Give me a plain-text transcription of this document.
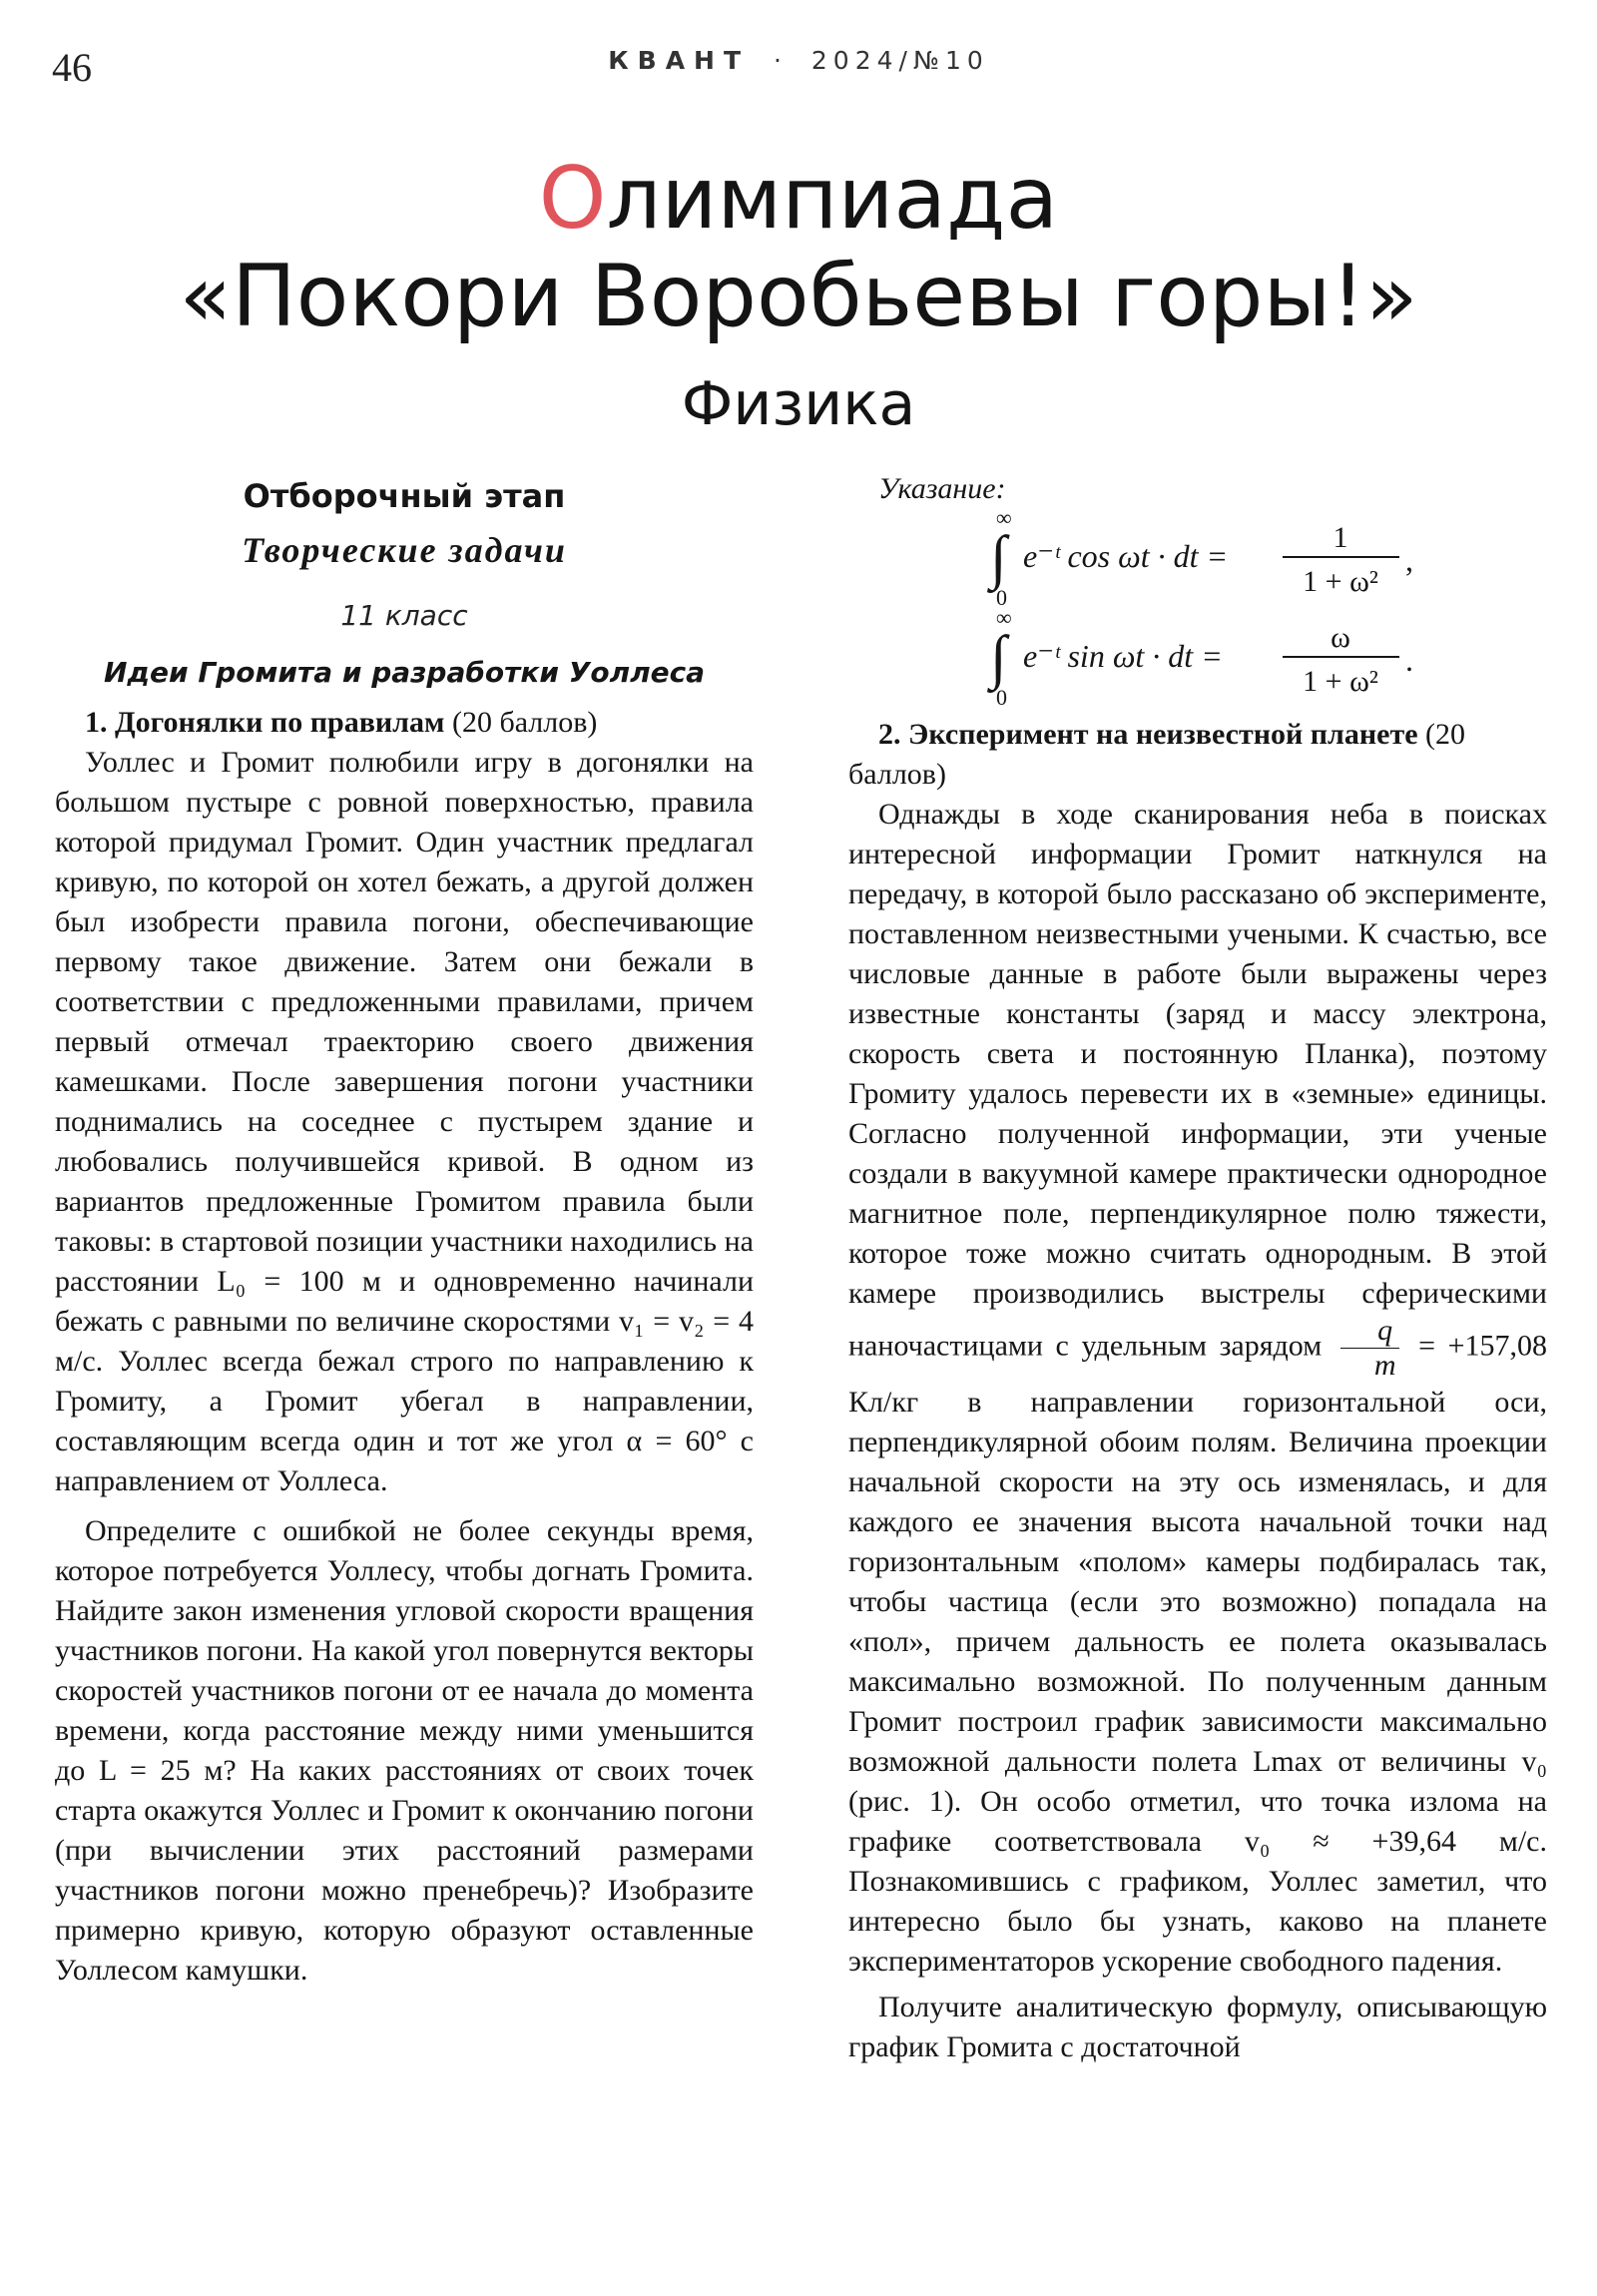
46	КВАНТ · 2024/№10
Олимпиада
«Покори Воробьевы горы!»
Физика
Отборочный этап
Творческие задачи
11 класс
Идеи Громита и разработки Уоллеса
1. Догонялки по правилам (20 баллов)

Уоллес и Громит полюбили игру в догонялки на большом пустыре с ровной поверхностью, правила которой придумал Громит. Один участник предлагал кривую, по которой он хотел бежать, а другой должен был изобрести правила погони, обеспечивающие первому такое движение. Затем они бежали в соответствии с предложенными правилами, причем первый отмечал траекторию своего движения камешками. После завершения погони участники поднимались на соседнее с пустырем здание и любовались получившейся кривой. В одном из вариантов предложенные Громитом правила были таковы: в стартовой позиции участники находились на расстоянии L₀ = 100 м и одновременно начинали бежать с равными по величине скоростями v₁ = v₂ = 4 м/с. Уоллес всегда бежал строго по направлению к Громиту, а Громит убегал в направлении, составляющим всегда один и тот же угол α = 60° с направлением от Уоллеса.

Определите с ошибкой не более секунды время, которое потребуется Уоллесу, чтобы догнать Громита. Найдите закон изменения угловой скорости вращения участников погони. На какой угол повернутся векторы скоростей участников погони от ее начала до момента времени, когда расстояние между ними уменьшится до L = 25 м? На каких расстояниях от своих точек старта окажутся Уоллес и Громит к окончанию погони (при вычислении этих расстояний размерами участников погони можно пренебречь)? Изобразите примерно кривую, которую образуют оставленные Уоллесом камушки.

Указание:

∞
∫
0
e⁻ᵗ cos ωt · dt =
1
1 + ω²
,
∞
∫
0
e⁻ᵗ sin ωt · dt =
ω
1 + ω²
.
2. Эксперимент на неизвестной планете (20 баллов)

Однажды в ходе сканирования неба в поисках интересной информации Громит наткнулся на передачу, в которой было рассказано об эксперименте, поставленном неизвестными учеными. К счастью, все числовые данные в работе были выражены через известные константы (заряд и массу электрона, скорость света и постоянную Планка), поэтому Громиту удалось перевести их в «земные» единицы. Согласно полученной информации, эти ученые создали в вакуумной камере практически однородное магнитное поле, перпендикулярное полю тяжести, которое тоже можно считать однородным. В этой камере производились выстрелы сферическими наночастицами с удельным зарядом $\frac{q}{m} = +157,08$ Кл/кг в направлении горизонтальной оси, перпендикулярной обоим полям. Величина проекции начальной скорости на эту ось изменялась, и для каждого ее значения высота начальной точки над горизонтальным «полом» камеры подбиралась так, чтобы частица (если это возможно) попадала на «пол», причем дальность ее полета оказывалась максимально возможной. По полученным данным Громит построил график зависимости максимально возможной дальности полета Lmax от величины v₀ (рис. 1). Он особо отметил, что точка излома на графике соответствовала v₀ ≈ +39,64 м/с. Познакомившись с графиком, Уоллес заметил, что интересно было бы узнать, каково на планете экспериментаторов ускорение свободного падения.

Получите аналитическую формулу, описывающую график Громита с достаточной
